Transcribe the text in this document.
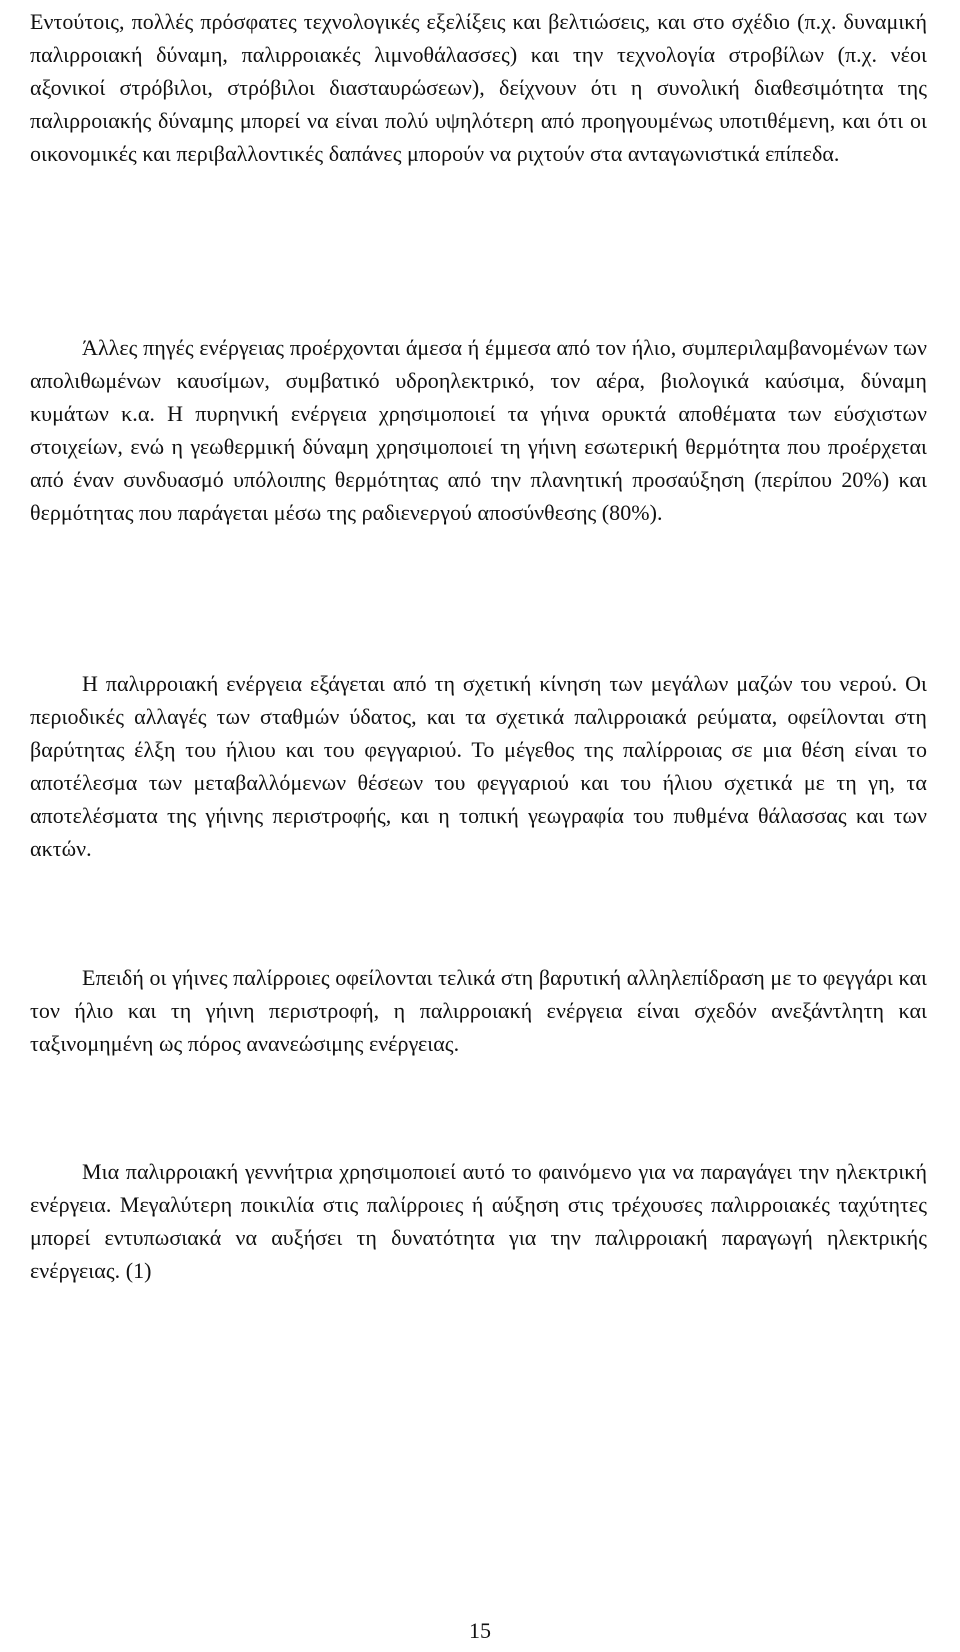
Εντούτοις, πολλές πρόσφατες τεχνολογικές εξελίξεις και βελτιώσεις, και στο σχέδιο (π.χ. δυναμική παλιρροιακή δύναμη, παλιρροιακές λιμνοθάλασσες) και την τεχνολογία στροβίλων (π.χ. νέοι αξονικοί στρόβιλοι, στρόβιλοι διασταυρώσεων), δείχνουν ότι η συνολική διαθεσιμότητα της παλιρροιακής δύναμης μπορεί να είναι πολύ υψηλότερη από προηγουμένως υποτιθέμενη, και ότι οι οικονομικές και περιβαλλοντικές δαπάνες μπορούν να ριχτούν στα ανταγωνιστικά επίπεδα.

Άλλες πηγές ενέργειας προέρχονται άμεσα ή έμμεσα από τον ήλιο, συμπεριλαμβανομένων των απολιθωμένων καυσίμων, συμβατικό υδροηλεκτρικό, τον αέρα, βιολογικά καύσιμα, δύναμη κυμάτων κ.α. Η πυρηνική ενέργεια χρησιμοποιεί τα γήινα ορυκτά αποθέματα των εύσχιστων στοιχείων, ενώ η γεωθερμική δύναμη χρησιμοποιεί τη γήινη εσωτερική θερμότητα που προέρχεται από έναν συνδυασμό υπόλοιπης θερμότητας από την πλανητική προσαύξηση (περίπου 20%) και θερμότητας που παράγεται μέσω της ραδιενεργού αποσύνθεσης (80%).

Η παλιρροιακή ενέργεια εξάγεται από τη σχετική κίνηση των μεγάλων μαζών του νερού. Οι περιοδικές αλλαγές των σταθμών ύδατος, και τα σχετικά παλιρροιακά ρεύματα, οφείλονται στη βαρύτητας έλξη του ήλιου και του φεγγαριού. Το μέγεθος της παλίρροιας σε μια θέση είναι το αποτέλεσμα των μεταβαλλόμενων θέσεων του φεγγαριού και του ήλιου σχετικά με τη γη, τα αποτελέσματα της γήινης περιστροφής, και η τοπική γεωγραφία του πυθμένα θάλασσας και των ακτών.

Επειδή οι γήινες παλίρροιες οφείλονται τελικά στη βαρυτική αλληλεπίδραση με το φεγγάρι και τον ήλιο και τη γήινη περιστροφή, η παλιρροιακή ενέργεια είναι σχεδόν ανεξάντλητη και ταξινομημένη ως πόρος ανανεώσιμης ενέργειας.

Μια παλιρροιακή γεννήτρια χρησιμοποιεί αυτό το φαινόμενο για να παραγάγει την ηλεκτρική ενέργεια. Μεγαλύτερη ποικιλία στις παλίρροιες ή αύξηση στις τρέχουσες παλιρροιακές ταχύτητες μπορεί εντυπωσιακά να αυξήσει τη δυνατότητα για την παλιρροιακή παραγωγή ηλεκτρικής ενέργειας. (1)

15
